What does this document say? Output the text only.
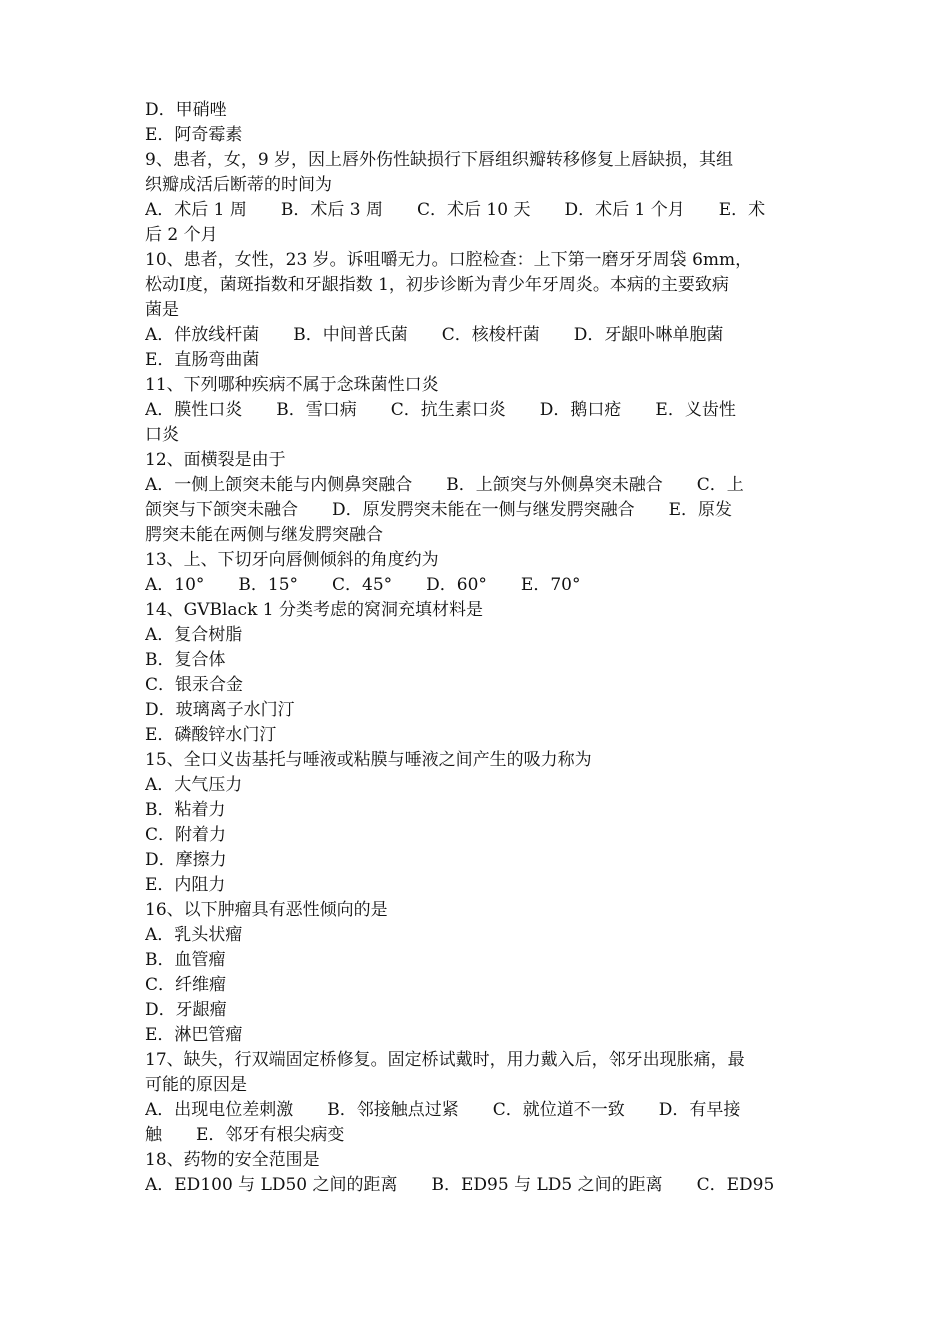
D．甲硝唑
E．阿奇霉素
9、患者，女，9 岁，因上唇外伤性缺损行下唇组织瓣转移修复上唇缺损，其组
织瓣成活后断蒂的时间为
A．术后 1 周　　B．术后 3 周　　C．术后 10 天　　D．术后 1 个月　　E．术
后 2 个月
10、患者，女性，23 岁。诉咀嚼无力。口腔检查：上下第一磨牙牙周袋 6mm，
松动Ⅰ度，菌斑指数和牙龈指数 1，初步诊断为青少年牙周炎。本病的主要致病
菌是
A．伴放线杆菌　　B．中间普氏菌　　C．核梭杆菌　　D．牙龈卟啉单胞菌
E．直肠弯曲菌
11、下列哪种疾病不属于念珠菌性口炎
A．膜性口炎　　B．雪口病　　C．抗生素口炎　　D．鹅口疮　　E．义齿性
口炎
12、面横裂是由于
A．一侧上颌突未能与内侧鼻突融合　　B．上颌突与外侧鼻突未融合　　C．上
颌突与下颌突未融合　　D．原发腭突未能在一侧与继发腭突融合　　E．原发
腭突未能在两侧与继发腭突融合
13、上、下切牙向唇侧倾斜的角度约为
A．10°　　B．15°　　C．45°　　D．60°　　E．70°
14、GVBlack 1 分类考虑的窝洞充填材料是
A．复合树脂
B．复合体
C．银汞合金
D．玻璃离子水门汀
E．磷酸锌水门汀
15、全口义齿基托与唾液或粘膜与唾液之间产生的吸力称为
A．大气压力
B．粘着力
C．附着力
D．摩擦力
E．内阻力
16、以下肿瘤具有恶性倾向的是
A．乳头状瘤
B．血管瘤
C．纤维瘤
D．牙龈瘤
E．淋巴管瘤
17、缺失，行双端固定桥修复。固定桥试戴时，用力戴入后，邻牙出现胀痛，最
可能的原因是
A．出现电位差刺激　　B．邻接触点过紧　　C．就位道不一致　　D．有早接
触　　E．邻牙有根尖病变
18、药物的安全范围是
A．ED100 与 LD50 之间的距离　　B．ED95 与 LD5 之间的距离　　C．ED95
